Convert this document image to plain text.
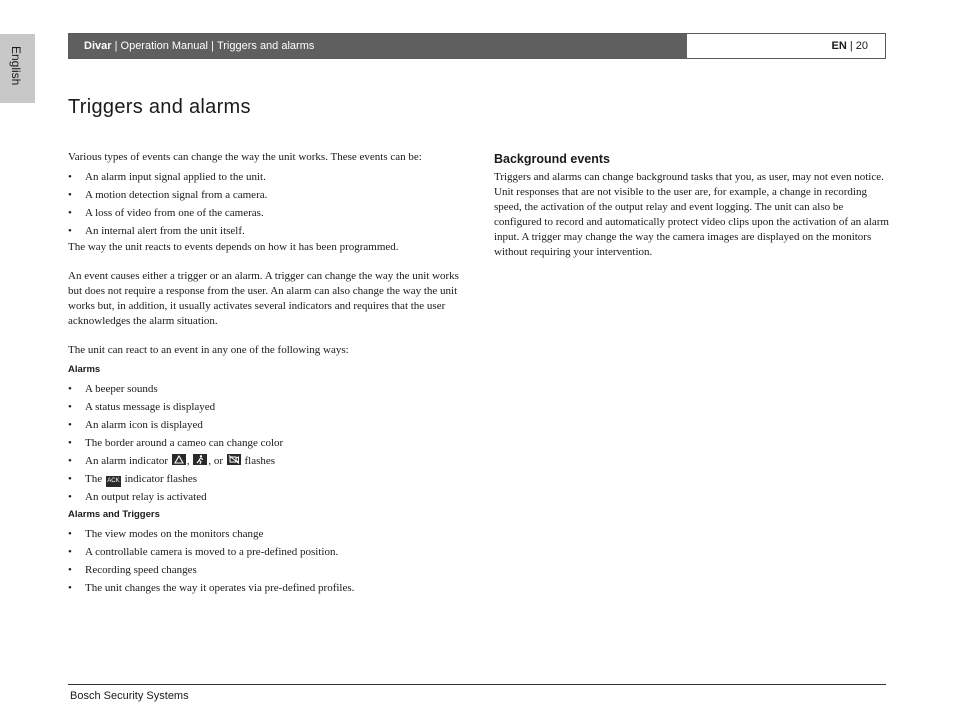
English	Divar | Operation Manual | Triggers and alarms	EN | 20
Triggers and alarms

Various types of events can change the way the unit works. These events can be:

• An alarm input signal applied to the unit.
• A motion detection signal from a camera.
• A loss of video from one of the cameras.
• An internal alert from the unit itself.

The way the unit reacts to events depends on how it has been programmed.

An event causes either a trigger or an alarm. A trigger can change the way the unit works but does not require a response from the user. An alarm can also change the way the unit works but, in addition, it usually activates several indicators and requires that the user acknowledges the alarm situation.

The unit can react to an event in any one of the following ways:

Alarms
• A beeper sounds
• A status message is displayed
• An alarm icon is displayed
• The border around a cameo can change color
• An alarm indicator , , or flashes
• The ACK indicator flashes
• An output relay is activated
Alarms and Triggers
• The view modes on the monitors change
• A controllable camera is moved to a pre-defined position.
• Recording speed changes
• The unit changes the way it operates via pre-defined profiles.
Background events

Triggers and alarms can change background tasks that you, as user, may not even notice. Unit responses that are not visible to the user are, for example, a change in recording speed, the activation of the output relay and event logging. The unit can also be configured to record and automatically protect video clips upon the activation of an alarm input. A trigger may change the way the camera images are displayed on the monitors without requiring your intervention.

Bosch Security Systems
